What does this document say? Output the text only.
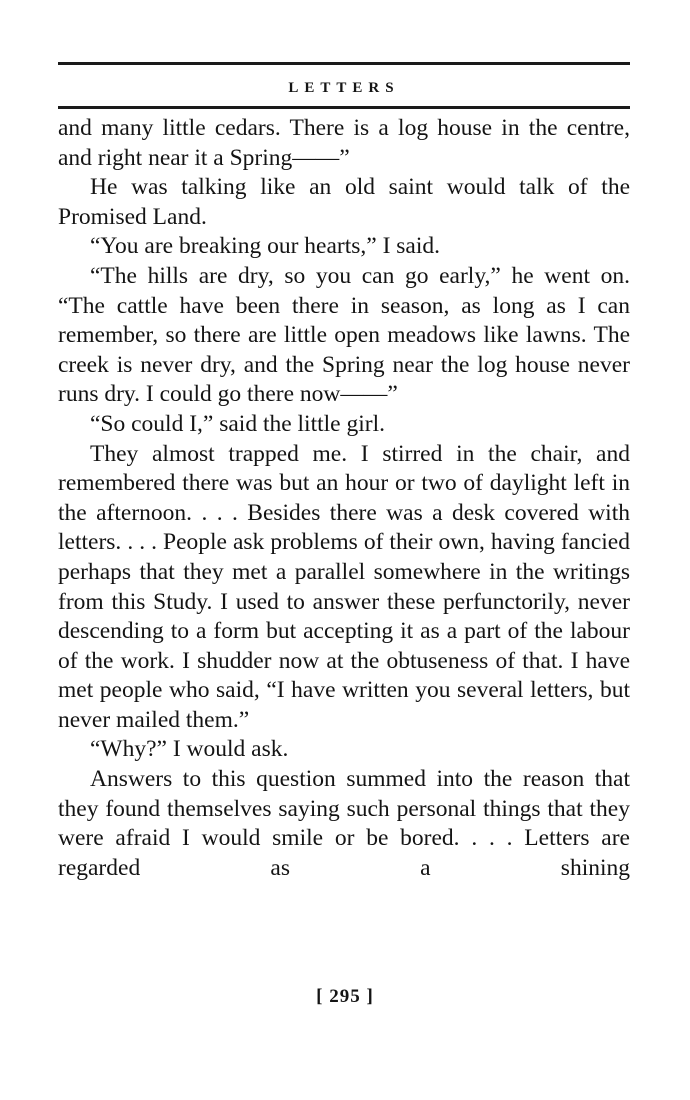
LETTERS

and many little cedars. There is a log house in the centre, and right near it a Spring——”

He was talking like an old saint would talk of the Promised Land.

“You are breaking our hearts,” I said.

“The hills are dry, so you can go early,” he went on. “The cattle have been there in season, as long as I can remember, so there are little open meadows like lawns. The creek is never dry, and the Spring near the log house never runs dry. I could go there now——”

“So could I,” said the little girl.

They almost trapped me. I stirred in the chair, and remembered there was but an hour or two of daylight left in the afternoon. . . . Besides there was a desk covered with letters. . . . People ask problems of their own, having fancied perhaps that they met a parallel somewhere in the writings from this Study. I used to answer these perfunctorily, never descending to a form but accepting it as a part of the labour of the work. I shudder now at the obtuseness of that. I have met people who said, “I have written you several letters, but never mailed them.”

“Why?” I would ask.

Answers to this question summed into the reason that they found themselves saying such personal things that they were afraid I would smile or be bored. . . . Letters are regarded as a shining

[ 295 ]
